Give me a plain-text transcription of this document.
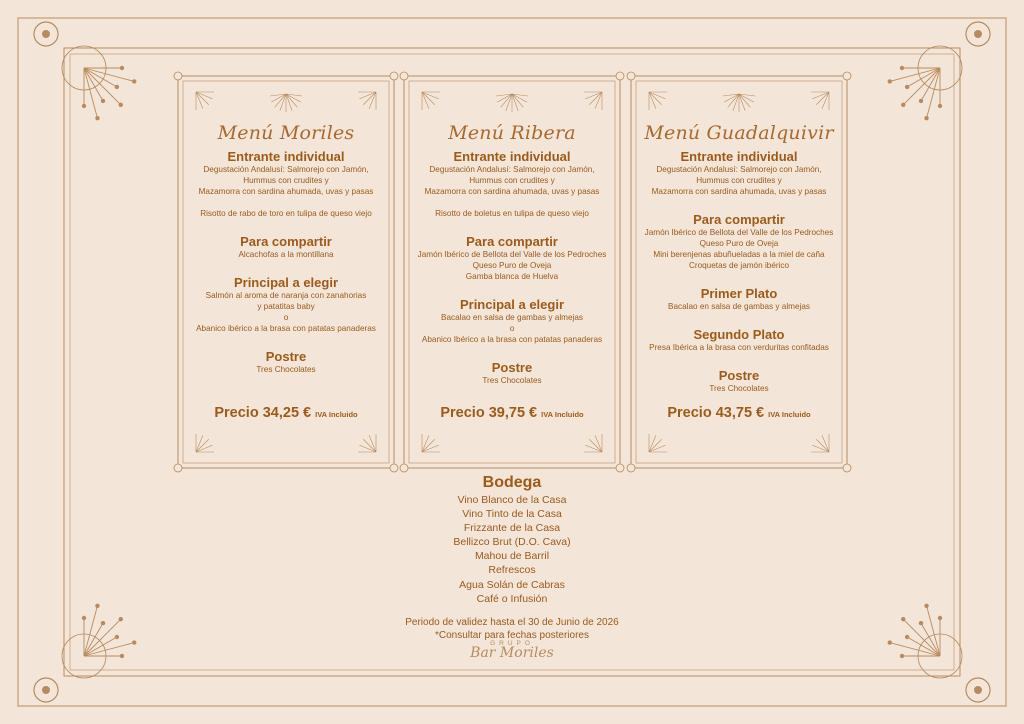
Menú Moriles
Entrante individual
Degustación Andalusí: Salmorejo con Jamón,
Hummus con crudites y
Mazamorra con sardina ahumada, uvas y pasas

Risotto de rabo de toro en tulipa de queso viejo
Para compartir
Alcachofas a la montillana
Principal a elegir
Salmón al aroma de naranja con zanahorias
y patatitas baby
o
Abanico ibérico a la brasa con patatas panaderas
Postre
Tres Chocolates
Precio 34,25 € IVA Incluido
Menú Ribera
Entrante individual
Degustación Andalusí: Salmorejo con Jamón,
Hummus con crudites y
Mazamorra con sardina ahumada, uvas y pasas

Risotto de boletus en tulipa de queso viejo
Para compartir
Jamón Ibérico de Bellota del Valle de los Pedroches
Queso Puro de Oveja
Gamba blanca de Huelva
Principal a elegir
Bacalao en salsa de gambas y almejas
o
Abanico Ibérico a la brasa con patatas panaderas
Postre
Tres Chocolates
Precio 39,75 € IVA Incluido
Menú Guadalquivir
Entrante individual
Degustación Andalusí: Salmorejo con Jamón,
Hummus con crudites y
Mazamorra con sardina ahumada, uvas y pasas
Para compartir
Jamón Ibérico de Bellota del Valle de los Pedroches
Queso Puro de Oveja
Mini berenjenas abuñueladas a la miel de caña
Croquetas de jamón ibérico
Primer Plato
Bacalao en salsa de gambas y almejas
Segundo Plato
Presa Ibérica a la brasa con verduritas confitadas
Postre
Tres Chocolates
Precio 43,75 € IVA Incluido
Bodega
Vino Blanco de la Casa
Vino Tinto de la Casa
Frizzante de la Casa
Bellizco Brut (D.O. Cava)
Mahou de Barril
Refrescos
Agua Solán de Cabras
Café o Infusión
Periodo de validez hasta el 30 de Junio de 2026
*Consultar para fechas posteriores
GRUPO
Bar Moriles
